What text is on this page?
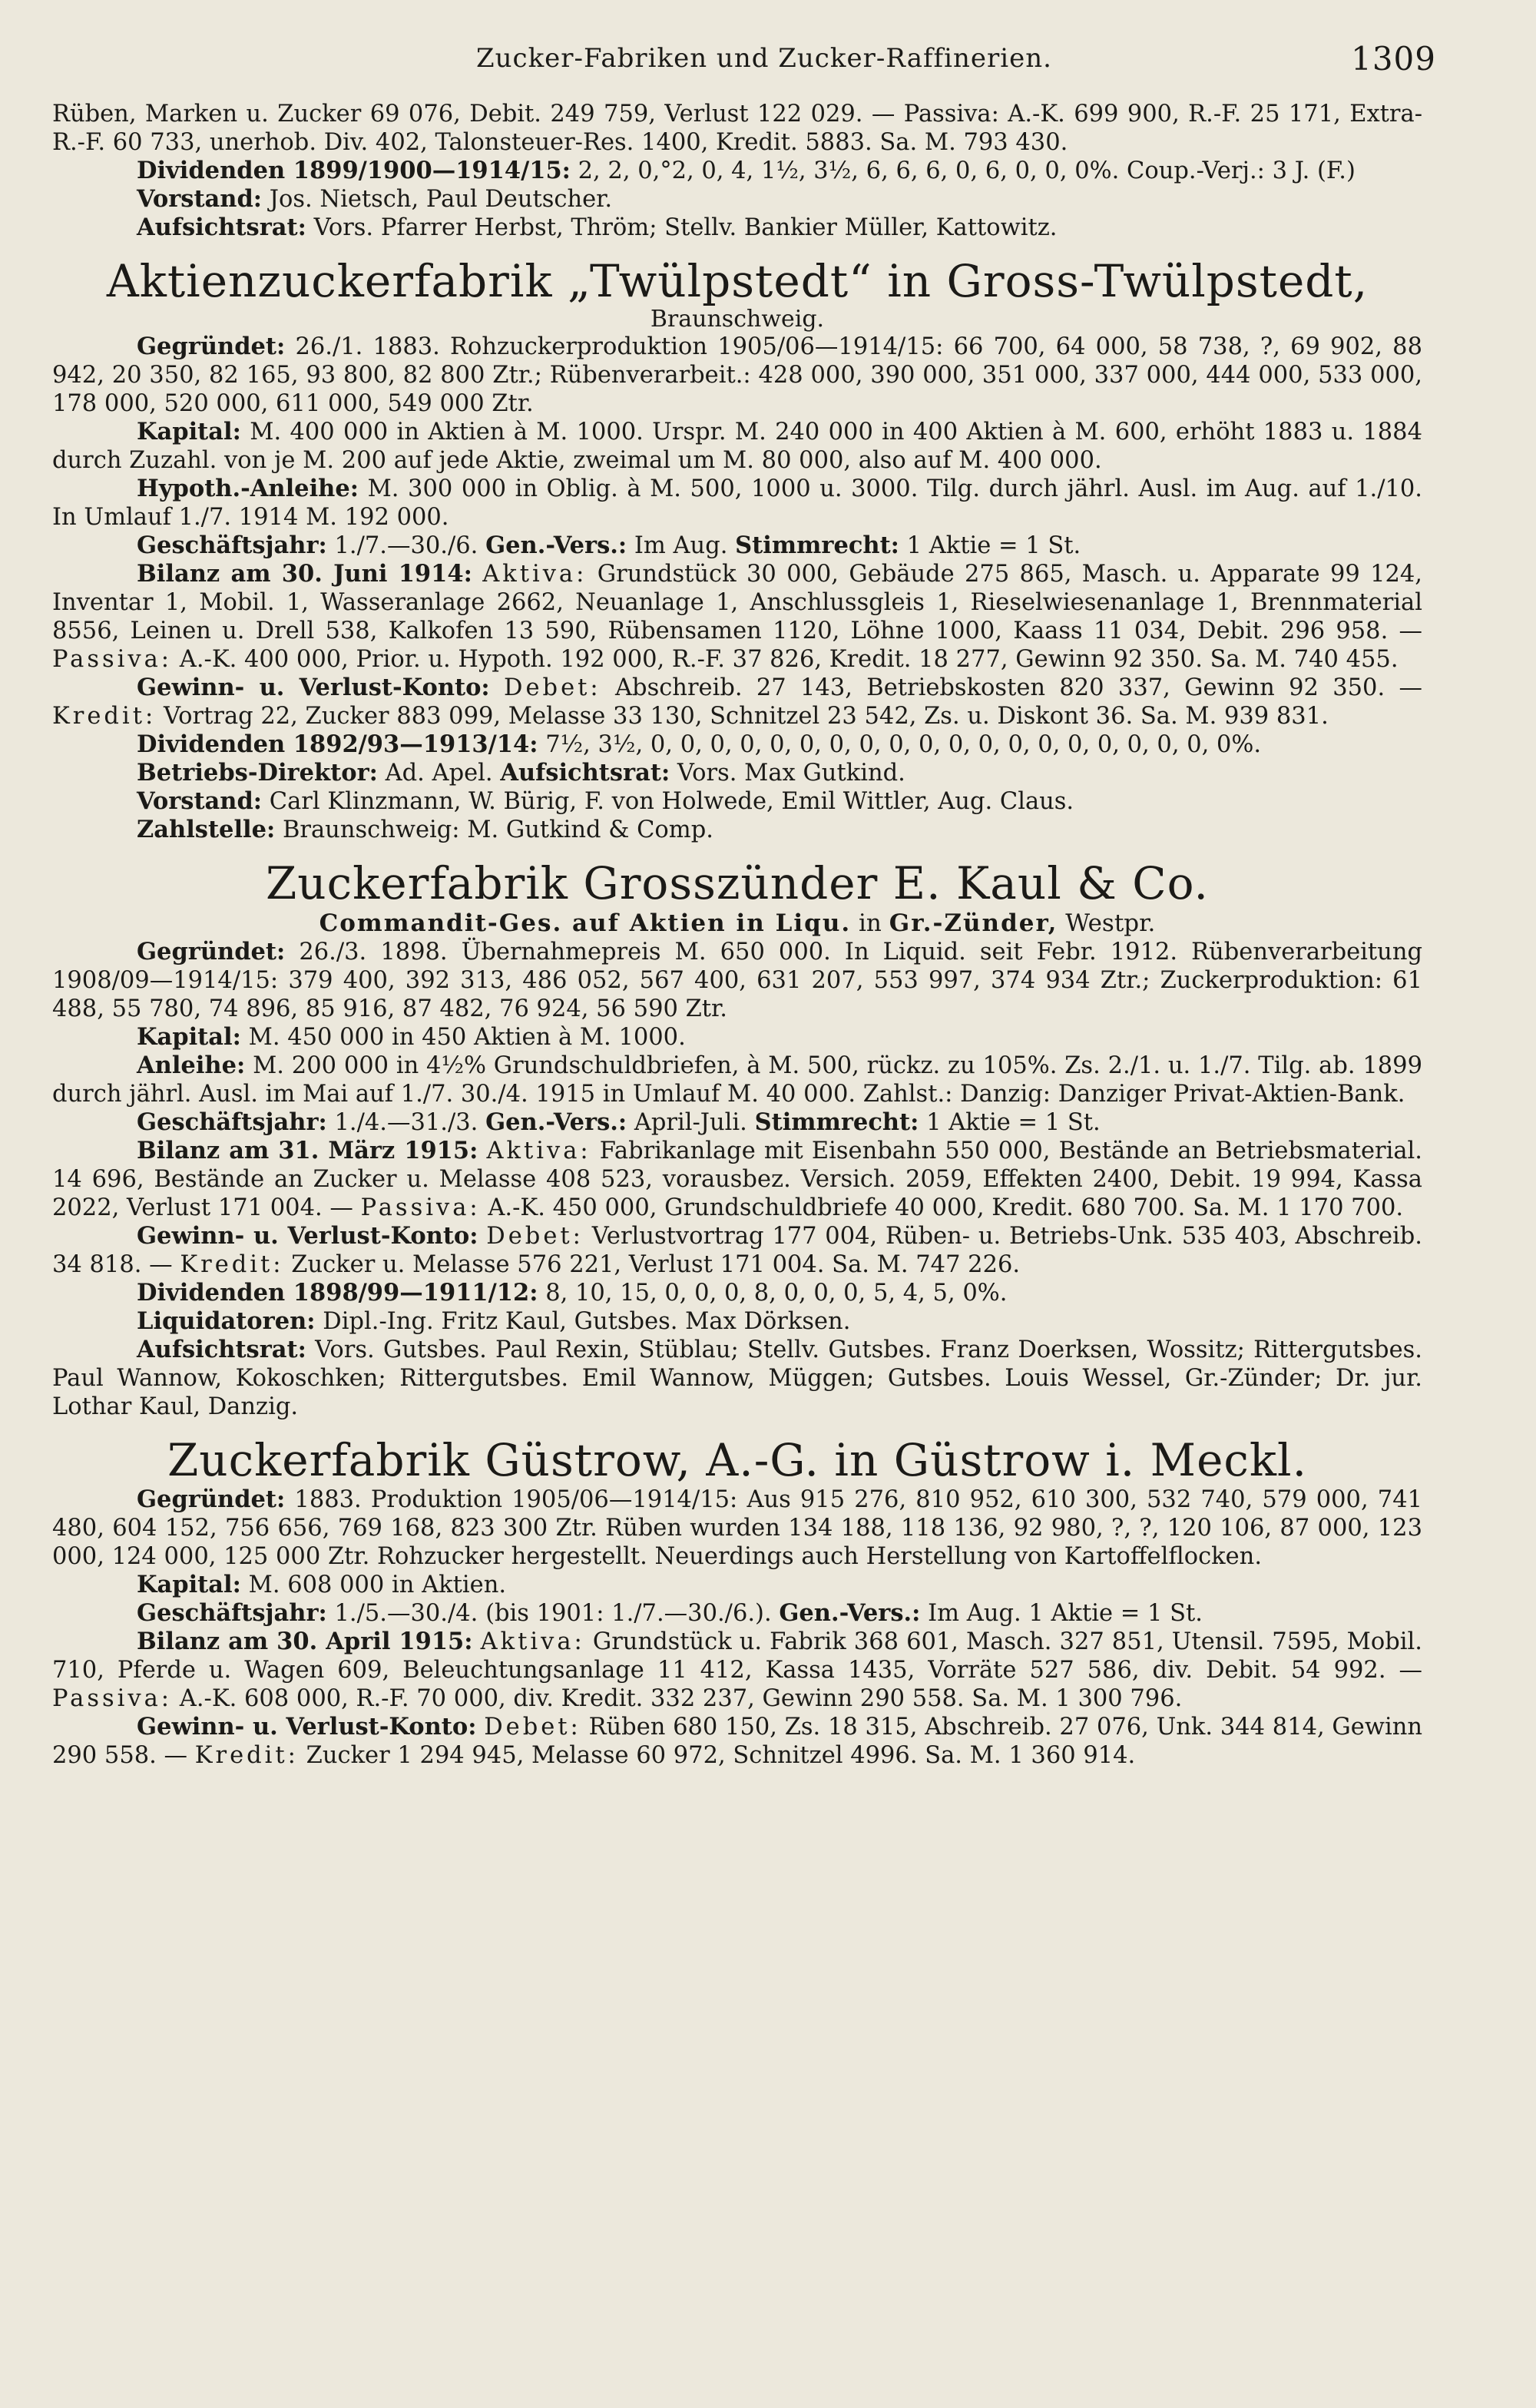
Zucker-Fabriken und Zucker-Raffinerien.	1309

Rüben, Marken u. Zucker 69 076, Debit. 249 759, Verlust 122 029. — Passiva: A.-K. 699 900, R.-F. 25 171, Extra-R.-F. 60 733, unerhob. Div. 402, Talonsteuer-Res. 1400, Kredit. 5883. Sa. M. 793 430.

Dividenden 1899/1900—1914/15: 2, 2, 0,°2, 0, 4, 1½, 3½, 6, 6, 6, 0, 6, 0, 0, 0%. Coup.-Verj.: 3 J. (F.)

Vorstand: Jos. Nietsch, Paul Deutscher.

Aufsichtsrat: Vors. Pfarrer Herbst, Thröm; Stellv. Bankier Müller, Kattowitz.

Aktienzuckerfabrik „Twülpstedt“ in Gross-Twülpstedt,
Braunschweig.

Gegründet: 26./1. 1883. Rohzuckerproduktion 1905/06—1914/15: 66 700, 64 000, 58 738, ?, 69 902, 88 942, 20 350, 82 165, 93 800, 82 800 Ztr.; Rübenverarbeit.: 428 000, 390 000, 351 000, 337 000, 444 000, 533 000, 178 000, 520 000, 611 000, 549 000 Ztr.

Kapital: M. 400 000 in Aktien à M. 1000. Urspr. M. 240 000 in 400 Aktien à M. 600, erhöht 1883 u. 1884 durch Zuzahl. von je M. 200 auf jede Aktie, zweimal um M. 80 000, also auf M. 400 000.

Hypoth.-Anleihe: M. 300 000 in Oblig. à M. 500, 1000 u. 3000. Tilg. durch jährl. Ausl. im Aug. auf 1./10. In Umlauf 1./7. 1914 M. 192 000.

Geschäftsjahr: 1./7.—30./6. Gen.-Vers.: Im Aug. Stimmrecht: 1 Aktie = 1 St.

Bilanz am 30. Juni 1914: Aktiva: Grundstück 30 000, Gebäude 275 865, Masch. u. Apparate 99 124, Inventar 1, Mobil. 1, Wasseranlage 2662, Neuanlage 1, Anschlussgleis 1, Rieselwiesenanlage 1, Brennmaterial 8556, Leinen u. Drell 538, Kalkofen 13 590, Rübensamen 1120, Löhne 1000, Kaass 11 034, Debit. 296 958. — Passiva: A.-K. 400 000, Prior. u. Hypoth. 192 000, R.-F. 37 826, Kredit. 18 277, Gewinn 92 350. Sa. M. 740 455.

Gewinn- u. Verlust-Konto: Debet: Abschreib. 27 143, Betriebskosten 820 337, Gewinn 92 350. — Kredit: Vortrag 22, Zucker 883 099, Melasse 33 130, Schnitzel 23 542, Zs. u. Diskont 36. Sa. M. 939 831.

Dividenden 1892/93—1913/14: 7½, 3½, 0, 0, 0, 0, 0, 0, 0, 0, 0, 0, 0, 0, 0, 0, 0, 0, 0, 0, 0, 0%.

Betriebs-Direktor: Ad. Apel. Aufsichtsrat: Vors. Max Gutkind.

Vorstand: Carl Klinzmann, W. Bürig, F. von Holwede, Emil Wittler, Aug. Claus.

Zahlstelle: Braunschweig: M. Gutkind & Comp.

Zuckerfabrik Grosszünder E. Kaul & Co.
Commandit-Ges. auf Aktien in Liqu. in Gr.-Zünder, Westpr.

Gegründet: 26./3. 1898. Übernahmepreis M. 650 000. In Liquid. seit Febr. 1912. Rübenverarbeitung 1908/09—1914/15: 379 400, 392 313, 486 052, 567 400, 631 207, 553 997, 374 934 Ztr.; Zuckerproduktion: 61 488, 55 780, 74 896, 85 916, 87 482, 76 924, 56 590 Ztr.

Kapital: M. 450 000 in 450 Aktien à M. 1000.

Anleihe: M. 200 000 in 4½% Grundschuldbriefen, à M. 500, rückz. zu 105%. Zs. 2./1. u. 1./7. Tilg. ab. 1899 durch jährl. Ausl. im Mai auf 1./7. 30./4. 1915 in Umlauf M. 40 000. Zahlst.: Danzig: Danziger Privat-Aktien-Bank.

Geschäftsjahr: 1./4.—31./3. Gen.-Vers.: April-Juli. Stimmrecht: 1 Aktie = 1 St.

Bilanz am 31. März 1915: Aktiva: Fabrikanlage mit Eisenbahn 550 000, Bestände an Betriebsmaterial. 14 696, Bestände an Zucker u. Melasse 408 523, vorausbez. Versich. 2059, Effekten 2400, Debit. 19 994, Kassa 2022, Verlust 171 004. — Passiva: A.-K. 450 000, Grundschuldbriefe 40 000, Kredit. 680 700. Sa. M. 1 170 700.

Gewinn- u. Verlust-Konto: Debet: Verlustvortrag 177 004, Rüben- u. Betriebs-Unk. 535 403, Abschreib. 34 818. — Kredit: Zucker u. Melasse 576 221, Verlust 171 004. Sa. M. 747 226.

Dividenden 1898/99—1911/12: 8, 10, 15, 0, 0, 0, 8, 0, 0, 0, 5, 4, 5, 0%.

Liquidatoren: Dipl.-Ing. Fritz Kaul, Gutsbes. Max Dörksen.

Aufsichtsrat: Vors. Gutsbes. Paul Rexin, Stüblau; Stellv. Gutsbes. Franz Doerksen, Wossitz; Rittergutsbes. Paul Wannow, Kokoschken; Rittergutsbes. Emil Wannow, Müggen; Gutsbes. Louis Wessel, Gr.-Zünder; Dr. jur. Lothar Kaul, Danzig.

Zuckerfabrik Güstrow, A.-G. in Güstrow i. Meckl.

Gegründet: 1883. Produktion 1905/06—1914/15: Aus 915 276, 810 952, 610 300, 532 740, 579 000, 741 480, 604 152, 756 656, 769 168, 823 300 Ztr. Rüben wurden 134 188, 118 136, 92 980, ?, ?, 120 106, 87 000, 123 000, 124 000, 125 000 Ztr. Rohzucker hergestellt. Neuerdings auch Herstellung von Kartoffelflocken.

Kapital: M. 608 000 in Aktien.

Geschäftsjahr: 1./5.—30./4. (bis 1901: 1./7.—30./6.). Gen.-Vers.: Im Aug. 1 Aktie = 1 St.

Bilanz am 30. April 1915: Aktiva: Grundstück u. Fabrik 368 601, Masch. 327 851, Utensil. 7595, Mobil. 710, Pferde u. Wagen 609, Beleuchtungsanlage 11 412, Kassa 1435, Vorräte 527 586, div. Debit. 54 992. — Passiva: A.-K. 608 000, R.-F. 70 000, div. Kredit. 332 237, Gewinn 290 558. Sa. M. 1 300 796.

Gewinn- u. Verlust-Konto: Debet: Rüben 680 150, Zs. 18 315, Abschreib. 27 076, Unk. 344 814, Gewinn 290 558. — Kredit: Zucker 1 294 945, Melasse 60 972, Schnitzel 4996. Sa. M. 1 360 914.
